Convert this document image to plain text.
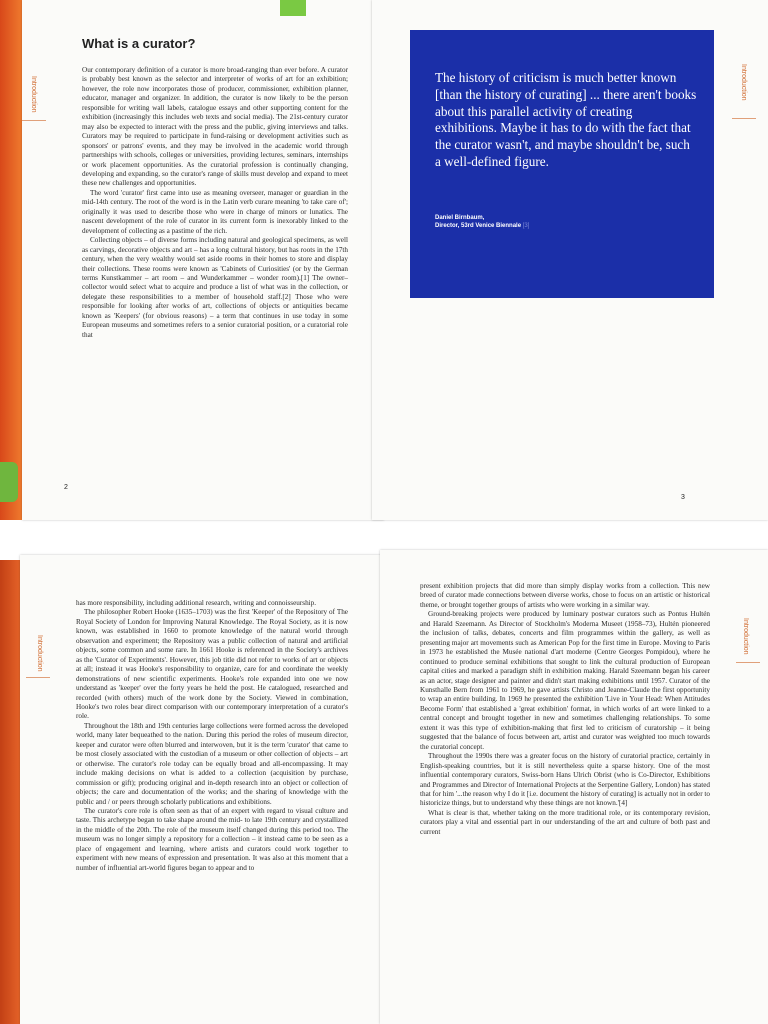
Introduction
What is a curator?

Our contemporary definition of a curator is more broad-ranging than ever before. A curator is probably best known as the selector and interpreter of works of art for an exhibition; however, the role now incorporates those of producer, commissioner, exhibition planner, educator, manager and organizer. In addition, the curator is now likely to be the person responsible for writing wall labels, catalogue essays and other supporting content for the exhibition (increasingly this includes web texts and social media). The 21st-century curator may also be expected to interact with the press and the public, giving interviews and talks. Curators may be required to participate in fund-raising or development activities such as sponsors' or patrons' events, and they may be involved in the academic world through partnerships with schools, colleges or universities, providing lectures, seminars, internships or work placement opportunities. As the curatorial profession is continually changing, developing and expanding, so the curator's range of skills must develop and expand to meet these new challenges and opportunities.

The word 'curator' first came into use as meaning overseer, manager or guardian in the mid-14th century. The root of the word is in the Latin verb curare meaning 'to take care of'; originally it was used to describe those who were in charge of minors or lunatics. The nascent development of the role of curator in its current form is inexorably linked to the development of collecting as a pastime of the rich.

Collecting objects – of diverse forms including natural and geological specimens, as well as carvings, decorative objects and art – has a long cultural history, but has roots in the 17th century, when the very wealthy would set aside rooms in their homes to store and display their collections. These rooms were known as 'Cabinets of Curiosities' (or by the German terms Kunstkammer – art room – and Wunderkammer – wonder room).[1] The owner–collector would select what to acquire and produce a list of what was in the collection, or delegate these responsibilities to a member of household staff.[2] Those who were responsible for looking after works of art, collections of objects or antiquities became known as 'Keepers' (for obvious reasons) – a term that continues in use today in some European museums and sometimes refers to a senior curatorial position, or a curatorial role that

2

The history of criticism is much better known [than the history of curating] ... there aren't books about this parallel activity of creating exhibitions. Maybe it has to do with the fact that the curator wasn't, and maybe shouldn't be, such a well-defined figure.

Daniel Birnbaum,
Director, 53rd Venice Biennale [3]

Introduction
3
Introduction

has more responsibility, including additional research, writing and connoisseurship.

The philosopher Robert Hooke (1635–1703) was the first 'Keeper' of the Repository of The Royal Society of London for Improving Natural Knowledge. The Royal Society, as it is now known, was established in 1660 to promote knowledge of the natural world through observation and experiment; the Repository was a public collection of natural and artificial objects, some common and some rare. In 1661 Hooke is referenced in the Society's archives as the 'Curator of Experiments'. However, this job title did not refer to works of art or objects at all; instead it was Hooke's responsibility to organize, care for and coordinate the weekly demonstrations of new scientific experiments. Hooke's role expanded into one we now understand as 'keeper' over the forty years he held the post. He catalogued, researched and recorded (with others) much of the work done by the Society. Viewed in combination, Hooke's two roles bear direct comparison with our contemporary interpretation of a curator's role.

Throughout the 18th and 19th centuries large collections were formed across the developed world, many later bequeathed to the nation. During this period the roles of museum director, keeper and curator were often blurred and interwoven, but it is the term 'curator' that came to be most closely associated with the custodian of a museum or other collection of objects – art or otherwise. The curator's role today can be equally broad and all-encompassing. It may include making decisions on what is added to a collection (acquisition by purchase, commission or gift); producing original and in-depth research into an object or collection of objects; the care and documentation of the works; and the sharing of knowledge with the public and / or peers through scholarly publications and exhibitions.

The curator's core role is often seen as that of an expert with regard to visual culture and taste. This archetype began to take shape around the mid- to late 19th century and crystallized in the middle of the 20th. The role of the museum itself changed during this period too. The museum was no longer simply a repository for a collection – it instead came to be seen as a place of engagement and learning, where artists and curators could work together to experiment with new means of expression and presentation. It was also at this moment that a number of influential art-world figures began to appear and to

Introduction

present exhibition projects that did more than simply display works from a collection. This new breed of curator made connections between diverse works, chose to focus on an artistic or historical theme, or brought together groups of artists who were working in a similar way.

Ground-breaking projects were produced by luminary postwar curators such as Pontus Hultén and Harald Szeemann. As Director of Stockholm's Moderna Museet (1958–73), Hultén pioneered the inclusion of talks, debates, concerts and film programmes within the gallery, as well as presenting major art movements such as American Pop for the first time in Europe. Moving to Paris in 1973 he established the Musée national d'art moderne (Centre Georges Pompidou), where he continued to produce seminal exhibitions that sought to link the cultural production of European capital cities and marked a paradigm shift in exhibition making. Harald Szeemann began his career as an actor, stage designer and painter and didn't start making exhibitions until 1957. Curator of the Kunsthalle Bern from 1961 to 1969, he gave artists Christo and Jeanne-Claude the first opportunity to wrap an entire building. In 1969 he presented the exhibition 'Live in Your Head: When Attitudes Become Form' that established a 'great exhibition' format, in which works of art were linked to a central concept and brought together in new and sometimes challenging relationships. To some extent it was this type of exhibition-making that first led to criticism of curatorship – it being suggested that the balance of focus between art, artist and curator was weighted too much towards the curatorial concept.

Throughout the 1990s there was a greater focus on the history of curatorial practice, certainly in English-speaking countries, but it is still nevertheless quite a sparse history. One of the most influential contemporary curators, Swiss-born Hans Ulrich Obrist (who is Co-Director, Exhibitions and Programmes and Director of International Projects at the Serpentine Gallery, London) has stated that for him '...the reason why I do it [i.e. document the history of curating] is actually not in order to historicize things, but to understand why these things are not known.'[4]

What is clear is that, whether taking on the more traditional role, or its contemporary revision, curators play a vital and essential part in our understanding of the art and culture of both past and current
